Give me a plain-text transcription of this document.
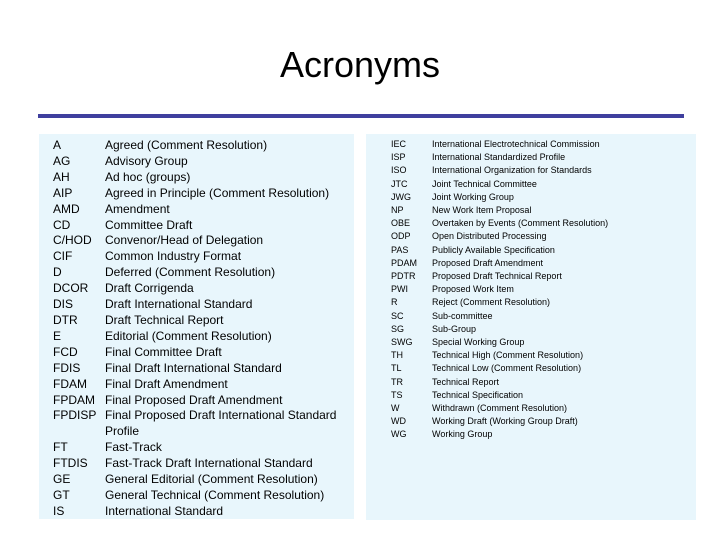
Acronyms
A	Agreed (Comment Resolution)
AG	Advisory Group
AH	Ad hoc (groups)
AIP	Agreed in Principle (Comment Resolution)
AMD	Amendment
CD	Committee Draft
C/HOD	Convenor/Head of Delegation
CIF	Common Industry Format
D	Deferred (Comment Resolution)
DCOR	Draft Corrigenda
DIS	Draft International Standard
DTR	Draft Technical Report
E	Editorial (Comment Resolution)
FCD	Final Committee Draft
FDIS	Final Draft International Standard
FDAM	Final Draft Amendment
FPDAM	Final Proposed Draft Amendment
FPDISP	Final Proposed Draft International Standard Profile
FT	Fast-Track
FTDIS	Fast-Track Draft International Standard
GE	General Editorial (Comment Resolution)
GT	General Technical (Comment Resolution)
IS	International Standard
IEC	International Electrotechnical Commission
ISP	International Standardized Profile
ISO	International Organization for Standards
JTC	Joint Technical Committee
JWG	Joint Working Group
NP	New Work Item Proposal
OBE	Overtaken by Events (Comment Resolution)
ODP	Open Distributed Processing
PAS	Publicly Available Specification
PDAM	Proposed Draft Amendment
PDTR	Proposed Draft Technical Report
PWI	Proposed Work Item
R	Reject (Comment Resolution)
SC	Sub-committee
SG	Sub-Group
SWG	Special Working Group
TH	Technical High (Comment Resolution)
TL	Technical Low (Comment Resolution)
TR	Technical Report
TS	Technical Specification
W	Withdrawn (Comment Resolution)
WD	Working Draft (Working Group Draft)
WG	Working Group
